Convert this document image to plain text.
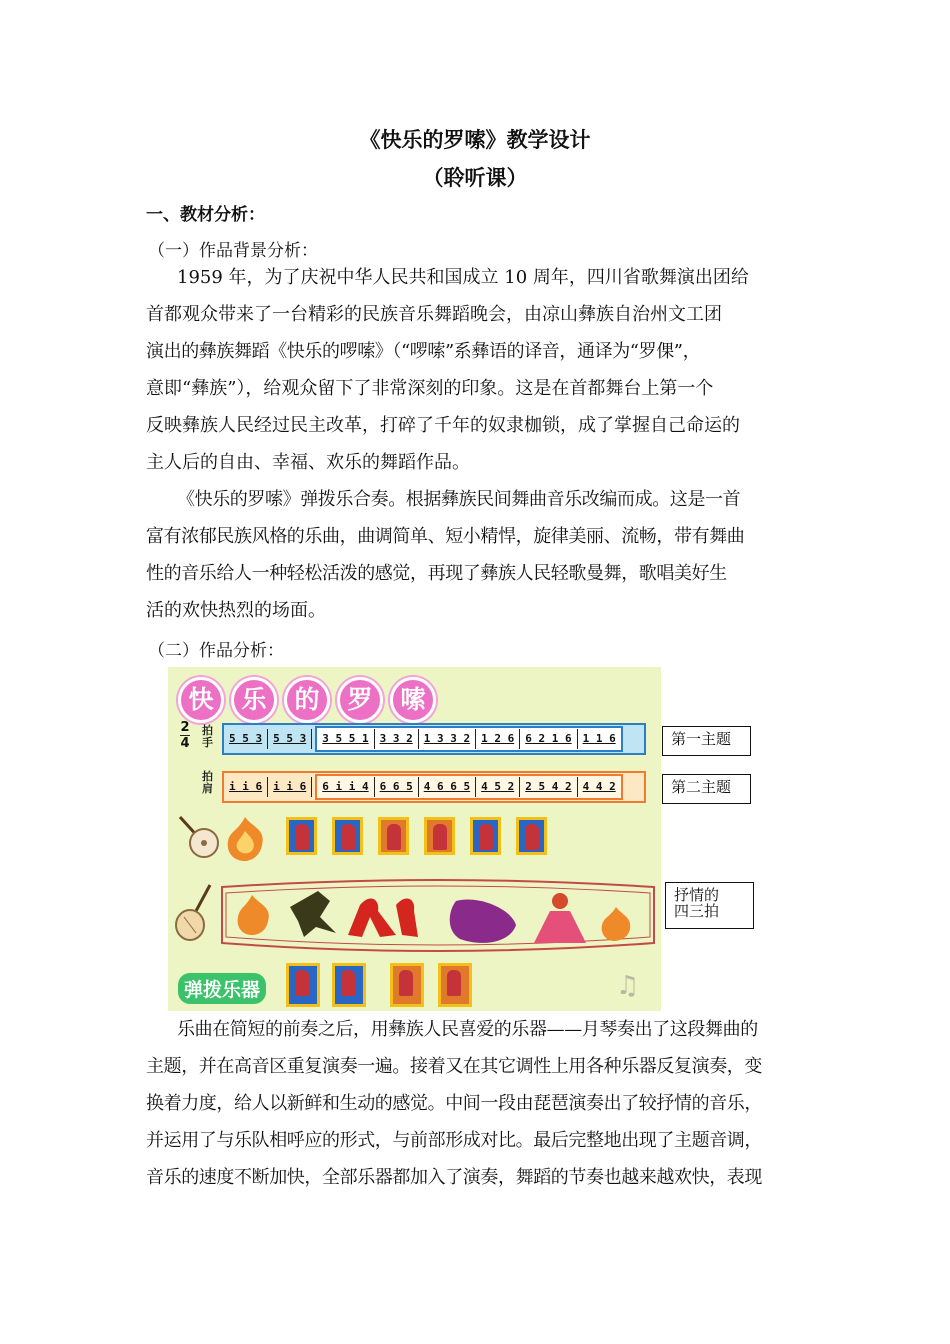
《快乐的罗嗦》教学设计
（聆听课）
一、教材分析：
（一）作品背景分析：

1959 年，为了庆祝中华人民共和国成立 10 周年，四川省歌舞演出团给

首都观众带来了一台精彩的民族音乐舞蹈晚会，由凉山彝族自治州文工团

演出的彝族舞蹈《快乐的啰嗦》（“啰嗦”系彝语的译音，通译为“罗倮”，

意即“彝族”），给观众留下了非常深刻的印象。这是在首都舞台上第一个

反映彝族人民经过民主改革，打碎了千年的奴隶枷锁，成了掌握自己命运的

主人后的自由、幸福、欢乐的舞蹈作品。

《快乐的罗嗦》弹拨乐合奏。根据彝族民间舞曲音乐改编而成。这是一首

富有浓郁民族风格的乐曲，曲调简单、短小精悍，旋律美丽、流畅，带有舞曲

性的音乐给人一种轻松活泼的感觉，再现了彝族人民轻歌曼舞，歌唱美好生

活的欢快热烈的场面。

（二）作品分析：
快	乐	的	罗	嗦
2
4
拍手
拍肩
5 5 3	5 5 3	3 5 5 1	3 3 2	1 3 3 2	1 2 6	6 2 1 6	1 1 6
i i 6	i i 6	6 i i 4	6 6 5	4 6 6 5	4 5 2	2 5 4 2	4 4 2
弹拨乐器	♫
第一主题
第二主题
抒情的
四三拍

乐曲在简短的前奏之后，用彝族人民喜爱的乐器——月琴奏出了这段舞曲的

主题，并在高音区重复演奏一遍。接着又在其它调性上用各种乐器反复演奏，变

换着力度，给人以新鲜和生动的感觉。中间一段由琵琶演奏出了较抒情的音乐，

并运用了与乐队相呼应的形式，与前部形成对比。最后完整地出现了主题音调，

音乐的速度不断加快，全部乐器都加入了演奏，舞蹈的节奏也越来越欢快，表现
